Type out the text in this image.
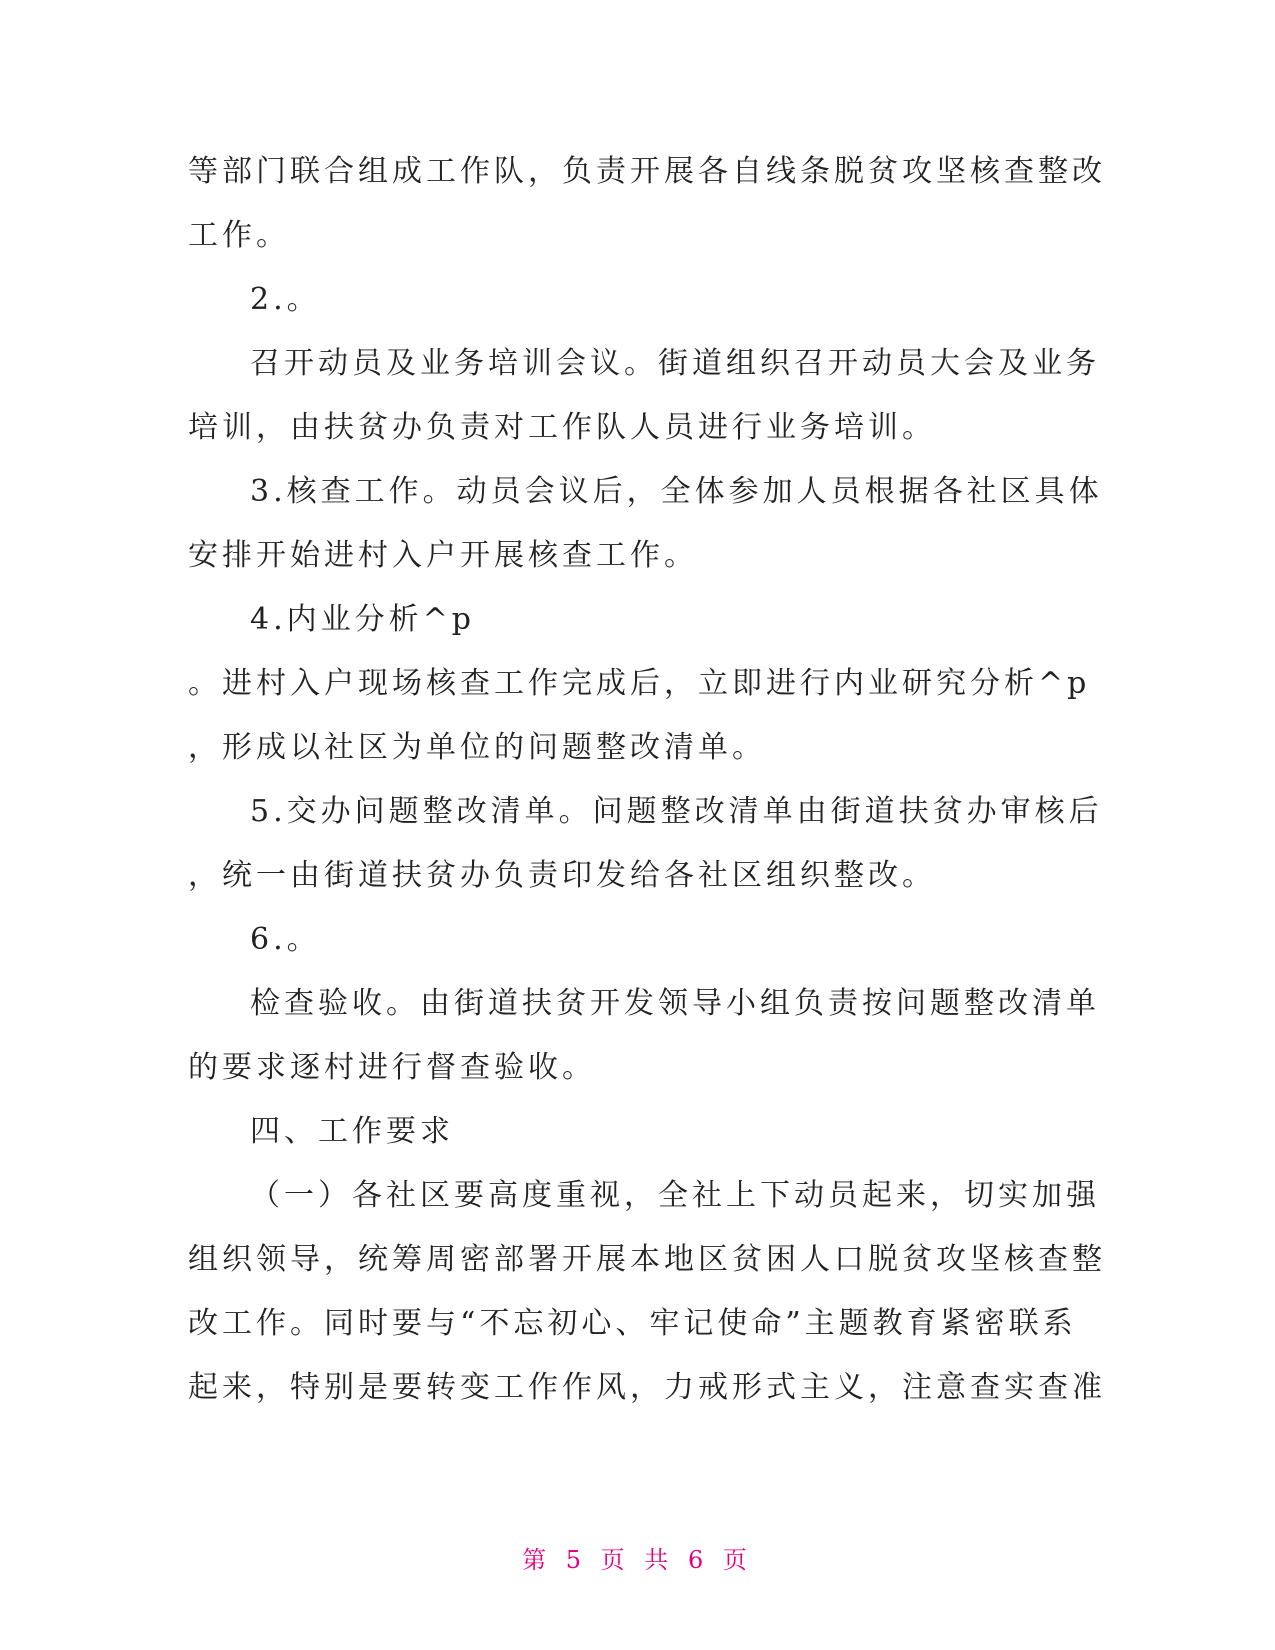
等部门联合组成工作队，负责开展各自线条脱贫攻坚核查整改
工作。
2.。
召开动员及业务培训会议。街道组织召开动员大会及业务
培训，由扶贫办负责对工作队人员进行业务培训。
3.核查工作。动员会议后，全体参加人员根据各社区具体
安排开始进村入户开展核查工作。
4.内业分析^p
。进村入户现场核查工作完成后，立即进行内业研究分析^p
，形成以社区为单位的问题整改清单。
5.交办问题整改清单。问题整改清单由街道扶贫办审核后
，统一由街道扶贫办负责印发给各社区组织整改。
6.。
检查验收。由街道扶贫开发领导小组负责按问题整改清单
的要求逐村进行督查验收。
四、工作要求
（一）各社区要高度重视，全社上下动员起来，切实加强
组织领导，统筹周密部署开展本地区贫困人口脱贫攻坚核查整
改工作。同时要与“不忘初心、牢记使命”主题教育紧密联系
起来，特别是要转变工作作风，力戒形式主义，注意查实查准
第 5 页 共 6 页
